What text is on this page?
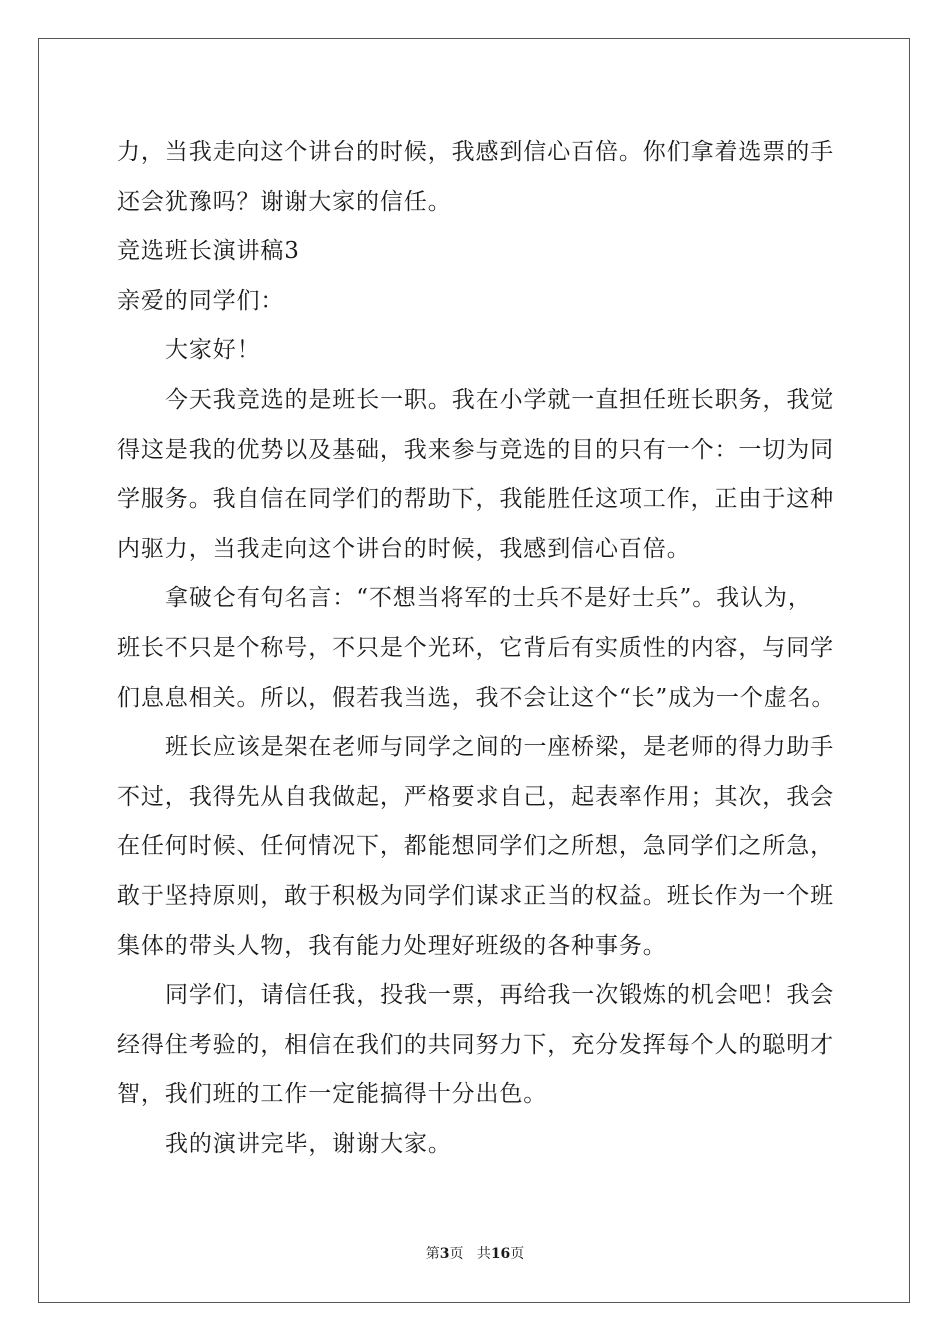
力，当我走向这个讲台的时候，我感到信心百倍。你们拿着选票的手
还会犹豫吗？谢谢大家的信任。
竞选班长演讲稿3
亲爱的同学们：
大家好！
今天我竞选的是班长一职。我在小学就一直担任班长职务，我觉
得这是我的优势以及基础，我来参与竞选的目的只有一个：一切为同
学服务。我自信在同学们的帮助下，我能胜任这项工作，正由于这种
内驱力，当我走向这个讲台的时候，我感到信心百倍。
拿破仑有句名言：“不想当将军的士兵不是好士兵”。我认为，
班长不只是个称号，不只是个光环，它背后有实质性的内容，与同学
们息息相关。所以，假若我当选，我不会让这个“长”成为一个虚名。
班长应该是架在老师与同学之间的一座桥梁，是老师的得力助手
不过，我得先从自我做起，严格要求自己，起表率作用；其次，我会
在任何时候、任何情况下，都能想同学们之所想，急同学们之所急，
敢于坚持原则，敢于积极为同学们谋求正当的权益。班长作为一个班
集体的带头人物，我有能力处理好班级的各种事务。
同学们，请信任我，投我一票，再给我一次锻炼的机会吧！我会
经得住考验的，相信在我们的共同努力下，充分发挥每个人的聪明才
智，我们班的工作一定能搞得十分出色。
我的演讲完毕，谢谢大家。
第3页 共16页
